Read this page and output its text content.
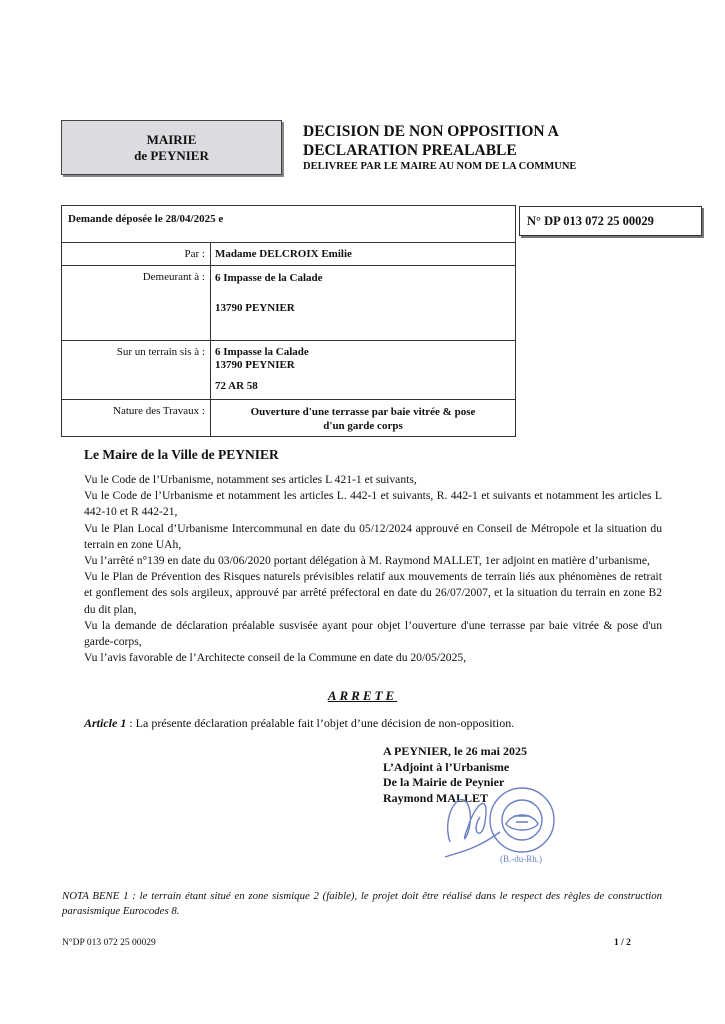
MAIRIE
de PEYNIER
DECISION DE NON OPPOSITION A
DECLARATION PREALABLE
DELIVREE PAR LE MAIRE AU NOM DE LA COMMUNE
Demande déposée le 28/04/2025 e	
Par :	Madame DELCROIX Emilie

Demeurant à :	6 Impasse de la Calade
13790 PEYNIER

Sur un terrain sis à :	6 Impasse la Calade
13790 PEYNIER
72 AR 58

Nature des Travaux :	Ouverture d'une terrasse par baie vitrée & pose
d'un garde corps
N° DP 013 072 25 00029
Le Maire de la Ville de PEYNIER

Vu le Code de l’Urbanisme, notamment ses articles L 421-1 et suivants,

Vu le Code de l’Urbanisme et notamment les articles L. 442-1 et suivants, R. 442-1 et suivants et notamment les articles L 442-10 et R 442-21,

Vu le Plan Local d’Urbanisme Intercommunal en date du 05/12/2024 approuvé en Conseil de Métropole et la situation du terrain en zone UAh,

Vu l’arrêté n°139 en date du 03/06/2020 portant délégation à M. Raymond MALLET, 1er adjoint en matière d’urbanisme,

Vu le Plan de Prévention des Risques naturels prévisibles relatif aux mouvements de terrain liés aux phénomènes de retrait et gonflement des sols argileux, approuvé par arrêté préfectoral en date du 26/07/2007, et la situation du terrain en zone B2 du dit plan,

Vu la demande de déclaration préalable susvisée ayant pour objet l’ouverture d'une terrasse par baie vitrée & pose d'un garde-corps,

Vu l’avis favorable de l’Architecte conseil de la Commune en date du 20/05/2025,

ARRETE
Article 1 : La présente déclaration préalable fait l’objet d’une décision de non-opposition.
A PEYNIER, le 26 mai 2025
L’Adjoint à l’Urbanisme
De la Mairie de Peynier
Raymond MALLET
(B.-du-Rh.)
NOTA BENE 1 : le terrain étant situé en zone sismique 2 (faible), le projet doit être réalisé dans le respect des règles de construction parasismique Eurocodes 8.
N°DP 013 072 25 00029	1 / 2
